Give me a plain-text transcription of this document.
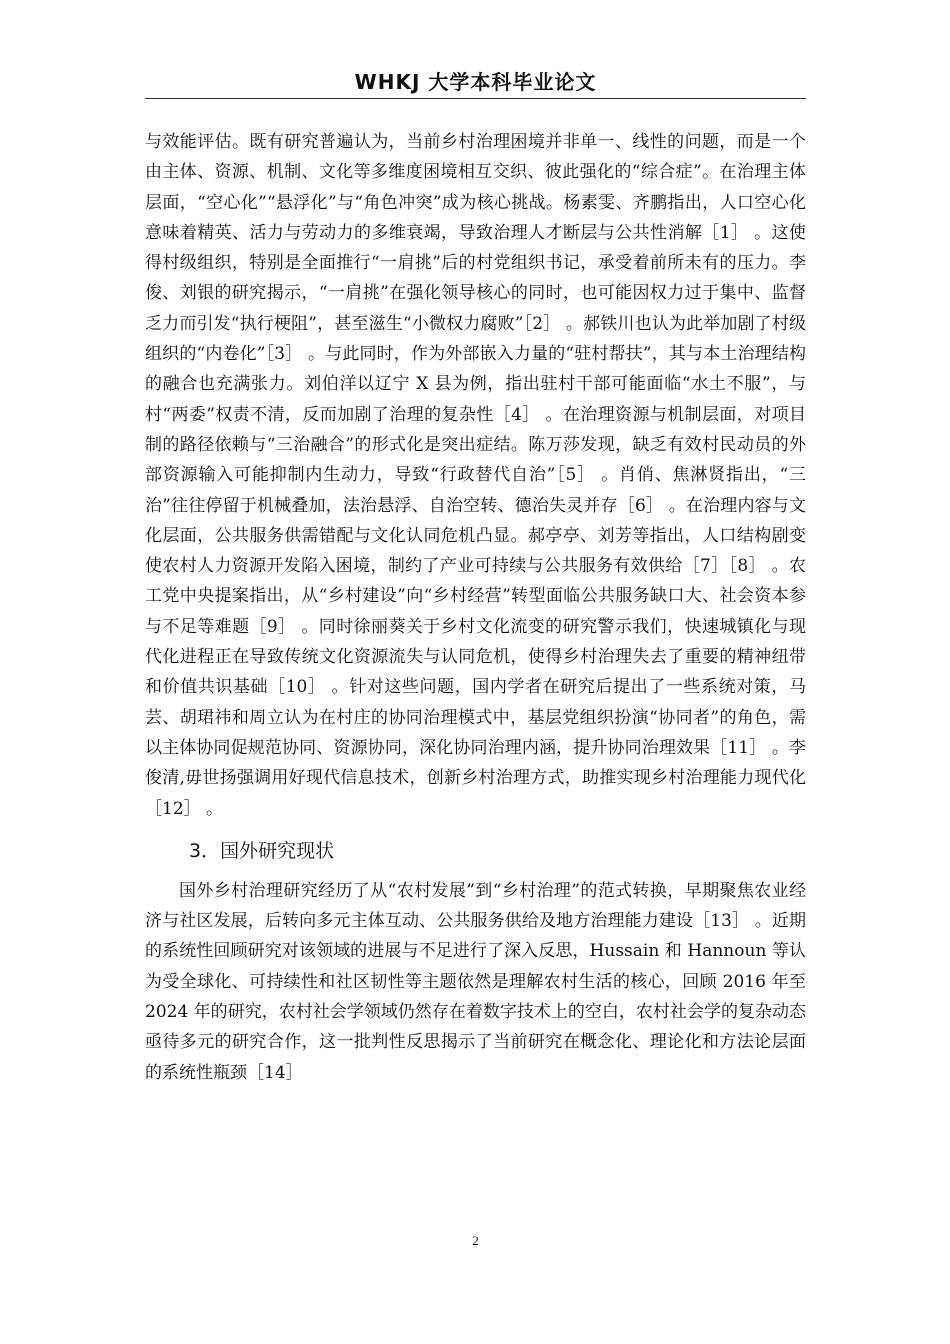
WHKJ 大学本科毕业论文

与效能评估。既有研究普遍认为，当前乡村治理困境并非单一、线性的问题，而是一个由主体、资源、机制、文化等多维度困境相互交织、彼此强化的“综合症”。在治理主体层面，“空心化”“悬浮化”与“角色冲突”成为核心挑战。杨素雯、齐鹏指出，人口空心化意味着精英、活力与劳动力的多维衰竭，导致治理人才断层与公共性消解［1］ 。这使得村级组织，特别是全面推行“一肩挑”后的村党组织书记，承受着前所未有的压力。李俊、刘银的研究揭示，“一肩挑”在强化领导核心的同时，也可能因权力过于集中、监督乏力而引发“执行梗阻”，甚至滋生“小微权力腐败”［2］ 。郝铁川也认为此举加剧了村级组织的“内卷化”［3］ 。与此同时，作为外部嵌入力量的“驻村帮扶”，其与本土治理结构的融合也充满张力。刘伯洋以辽宁 X 县为例，指出驻村干部可能面临“水土不服”，与村“两委”权责不清，反而加剧了治理的复杂性［4］ 。在治理资源与机制层面，对项目制的路径依赖与“三治融合”的形式化是突出症结。陈万莎发现，缺乏有效村民动员的外部资源输入可能抑制内生动力，导致“行政替代自治”［5］ 。肖俏、焦淋贤指出，“三治”往往停留于机械叠加，法治悬浮、自治空转、德治失灵并存［6］ 。在治理内容与文化层面，公共服务供需错配与文化认同危机凸显。郝亭亭、刘芳等指出，人口结构剧变使农村人力资源开发陷入困境，制约了产业可持续与公共服务有效供给［7］［8］ 。农工党中央提案指出，从“乡村建设”向“乡村经营”转型面临公共服务缺口大、社会资本参与不足等难题［9］ 。同时徐丽葵关于乡村文化流变的研究警示我们，快速城镇化与现代化进程正在导致传统文化资源流失与认同危机，使得乡村治理失去了重要的精神纽带和价值共识基础［10］ 。针对这些问题，国内学者在研究后提出了一些系统对策，马芸、胡珺祎和周立认为在村庄的协同治理模式中，基层党组织扮演“协同者”的角色，需以主体协同促规范协同、资源协同，深化协同治理内涵，提升协同治理效果［11］ 。李俊清,毋世扬强调用好现代信息技术，创新乡村治理方式，助推实现乡村治理能力现代化［12］ 。

3．国外研究现状

国外乡村治理研究经历了从“农村发展”到“乡村治理”的范式转换，早期聚焦农业经济与社区发展，后转向多元主体互动、公共服务供给及地方治理能力建设［13］ 。近期的系统性回顾研究对该领域的进展与不足进行了深入反思，Hussain 和 Hannoun 等认为受全球化、可持续性和社区韧性等主题依然是理解农村生活的核心，回顾 2016 年至 2024 年的研究，农村社会学领域仍然存在着数字技术上的空白，农村社会学的复杂动态亟待多元的研究合作，这一批判性反思揭示了当前研究在概念化、理论化和方法论层面的系统性瓶颈［14］

2
